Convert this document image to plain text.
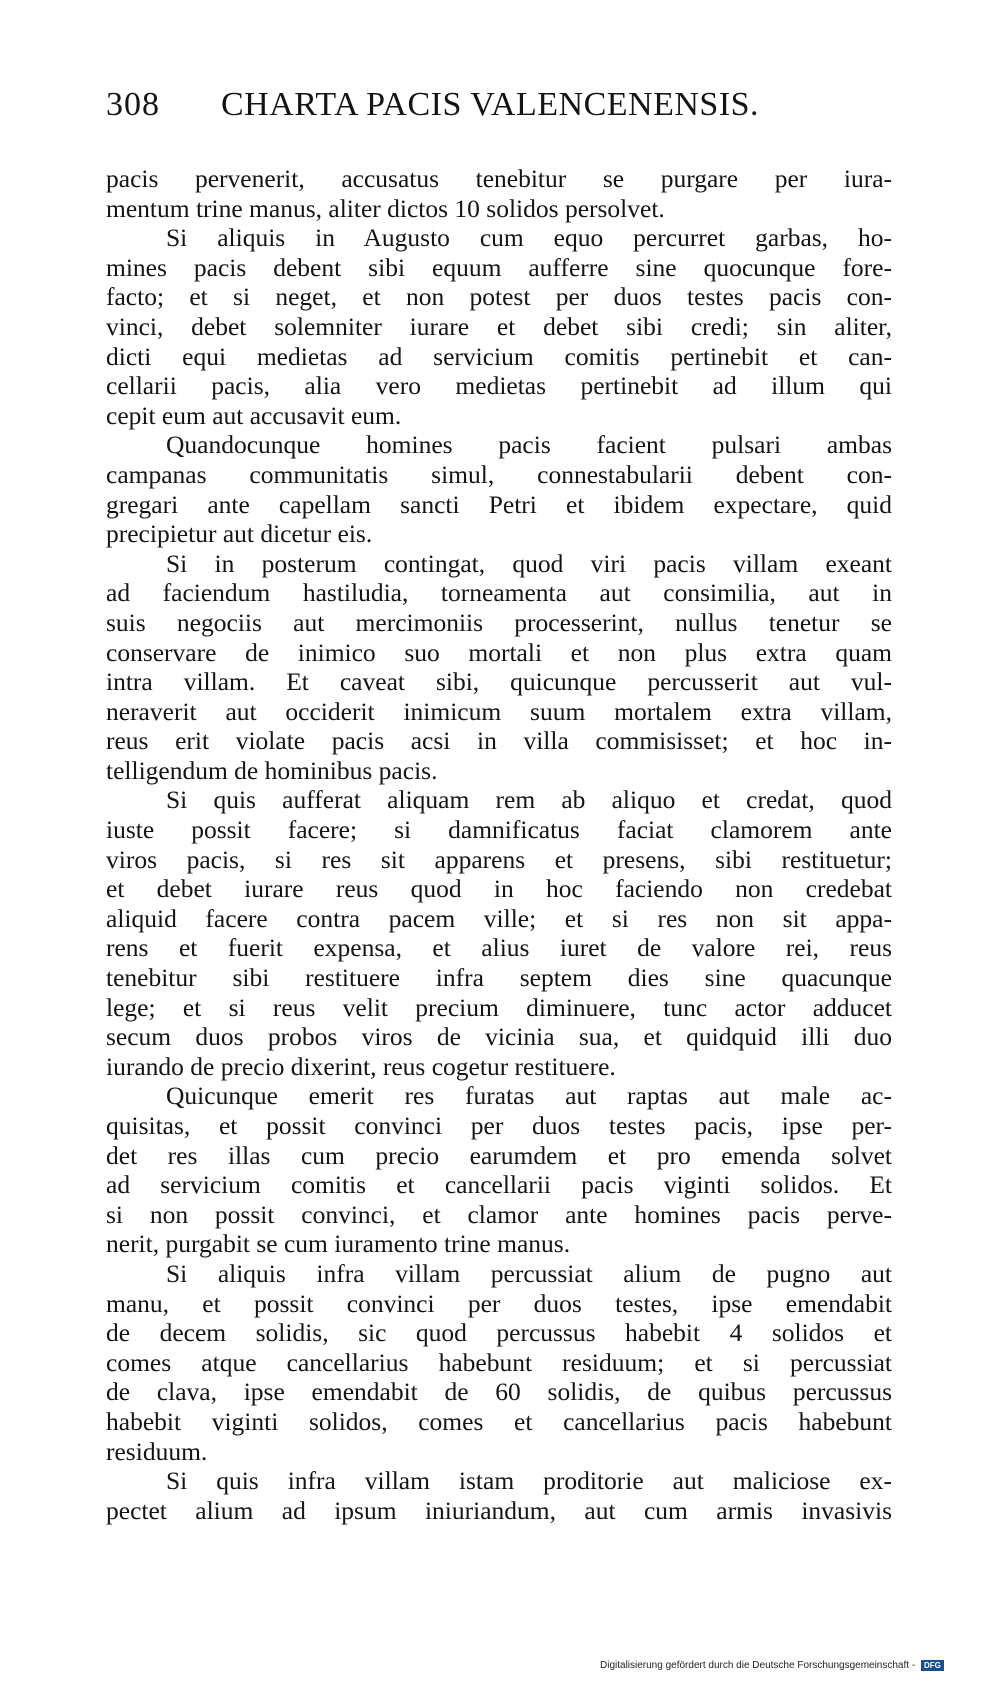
308 CHARTA PACIS VALENCENENSIS.
pacis pervenerit, accusatus tenebitur se purgare per iura-
mentum trine manus, aliter dictos 10 solidos persolvet.
Si aliquis in Augusto cum equo percurret garbas, ho-
mines pacis debent sibi equum aufferre sine quocunque fore-
facto; et si neget, et non potest per duos testes pacis con-
vinci, debet solemniter iurare et debet sibi credi; sin aliter,
dicti equi medietas ad servicium comitis pertinebit et can-
cellarii pacis, alia vero medietas pertinebit ad illum qui
cepit eum aut accusavit eum.
Quandocunque homines pacis facient pulsari ambas
campanas communitatis simul, connestabularii debent con-
gregari ante capellam sancti Petri et ibidem expectare, quid
precipietur aut dicetur eis.
Si in posterum contingat, quod viri pacis villam exeant
ad faciendum hastiludia, torneamenta aut consimilia, aut in
suis negociis aut mercimoniis processerint, nullus tenetur se
conservare de inimico suo mortali et non plus extra quam
intra villam. Et caveat sibi, quicunque percusserit aut vul-
neraverit aut occiderit inimicum suum mortalem extra villam,
reus erit violate pacis acsi in villa commisisset; et hoc in-
telligendum de hominibus pacis.
Si quis aufferat aliquam rem ab aliquo et credat, quod
iuste possit facere; si damnificatus faciat clamorem ante
viros pacis, si res sit apparens et presens, sibi restituetur;
et debet iurare reus quod in hoc faciendo non credebat
aliquid facere contra pacem ville; et si res non sit appa-
rens et fuerit expensa, et alius iuret de valore rei, reus
tenebitur sibi restituere infra septem dies sine quacunque
lege; et si reus velit precium diminuere, tunc actor adducet
secum duos probos viros de vicinia sua, et quidquid illi duo
iurando de precio dixerint, reus cogetur restituere.
Quicunque emerit res furatas aut raptas aut male ac-
quisitas, et possit convinci per duos testes pacis, ipse per-
det res illas cum precio earumdem et pro emenda solvet
ad servicium comitis et cancellarii pacis viginti solidos. Et
si non possit convinci, et clamor ante homines pacis perve-
nerit, purgabit se cum iuramento trine manus.
Si aliquis infra villam percussiat alium de pugno aut
manu, et possit convinci per duos testes, ipse emendabit
de decem solidis, sic quod percussus habebit 4 solidos et
comes atque cancellarius habebunt residuum; et si percussiat
de clava, ipse emendabit de 60 solidis, de quibus percussus
habebit viginti solidos, comes et cancellarius pacis habebunt
residuum.
Si quis infra villam istam proditorie aut maliciose ex-
pectet alium ad ipsum iniuriandum, aut cum armis invasivis
Digitalisierung gefördert durch die Deutsche Forschungsgemeinschaft - DFG
